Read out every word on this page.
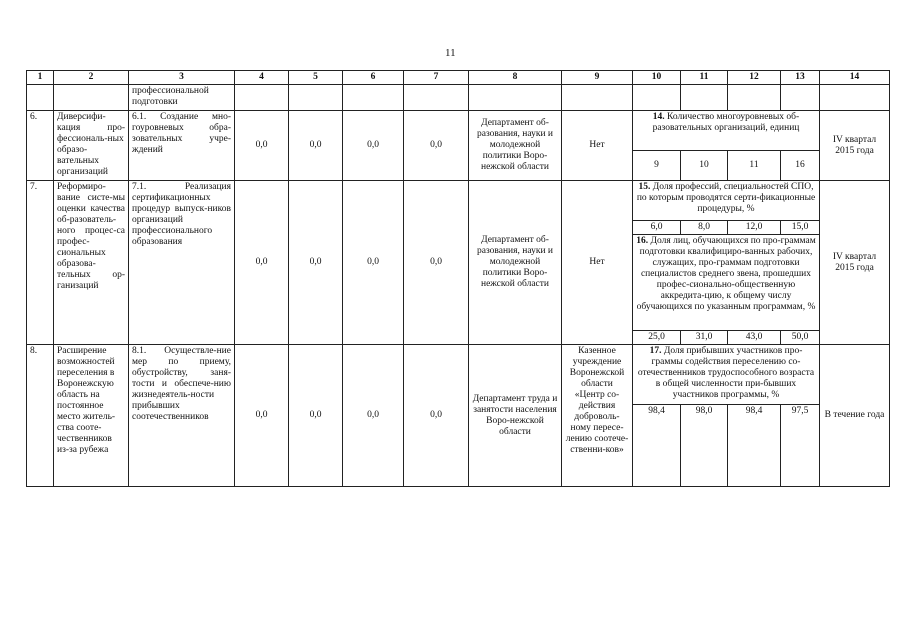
11
1	2	3	4	5	6	7	8	9	10	11	12	13	14
		профессиональной подготовки											
6.	Диверсифи-кация про-фессиональ-ных образо-вательных организаций	6.1. Создание мно-гоуровневых обра-зовательных учре-ждений	0,0	0,0	0,0	0,0	Департамент об-разования, науки и молодежной политики Воро-нежской области	Нет	14. Количество многоуровневых об-разовательных организаций, единиц				IV квартал 2015 года
									9	10	11	16	
7.	Реформиро-вание систе-мы оценки качества об-разователь-ного процес-са профес-сиональных образова-тельных ор-ганизаций	7.1. Реализация сертификационных процедур выпуск-ников организаций профессионального образования	0,0	0,0	0,0	0,0	Департамент об-разования, науки и молодежной политики Воро-нежской области	Нет	15. Доля профессий, специальностей СПО, по которым проводятся серти-фикационные процедуры, %				IV квартал 2015 года
									6,0	8,0	12,0	15,0	
									16. Доля лиц, обучающихся по про-граммам подготовки квалифициро-ванных рабочих, служащих, про-граммам подготовки специалистов среднего звена, прошедших профес-сионально-общественную аккредита-цию, к общему числу обучающихся по указанным программам, %				
									25,0	31,0	43,0	50,0	
8.	Расширение возможностей переселения в Воронежскую область на постоянное место житель-ства сооте-чественников из-за рубежа	8.1. Осуществле-ние мер по приему, обустройству, заня-тости и обеспече-нию жизнедеятель-ности прибывших соотечественников	0,0	0,0	0,0	0,0	Департамент труда и занятости населения Воро-нежской области	Казенное учреждение Воронежской области «Центр со-действия доброволь-ному пересе-лению соотече-ственни-ков»	17. Доля прибывших участников про-граммы содействия переселению со-отечественников трудоспособного возраста в общей численности при-бывших участников программы, %				В течение года
									98,4	98,0	98,4	97,5	
